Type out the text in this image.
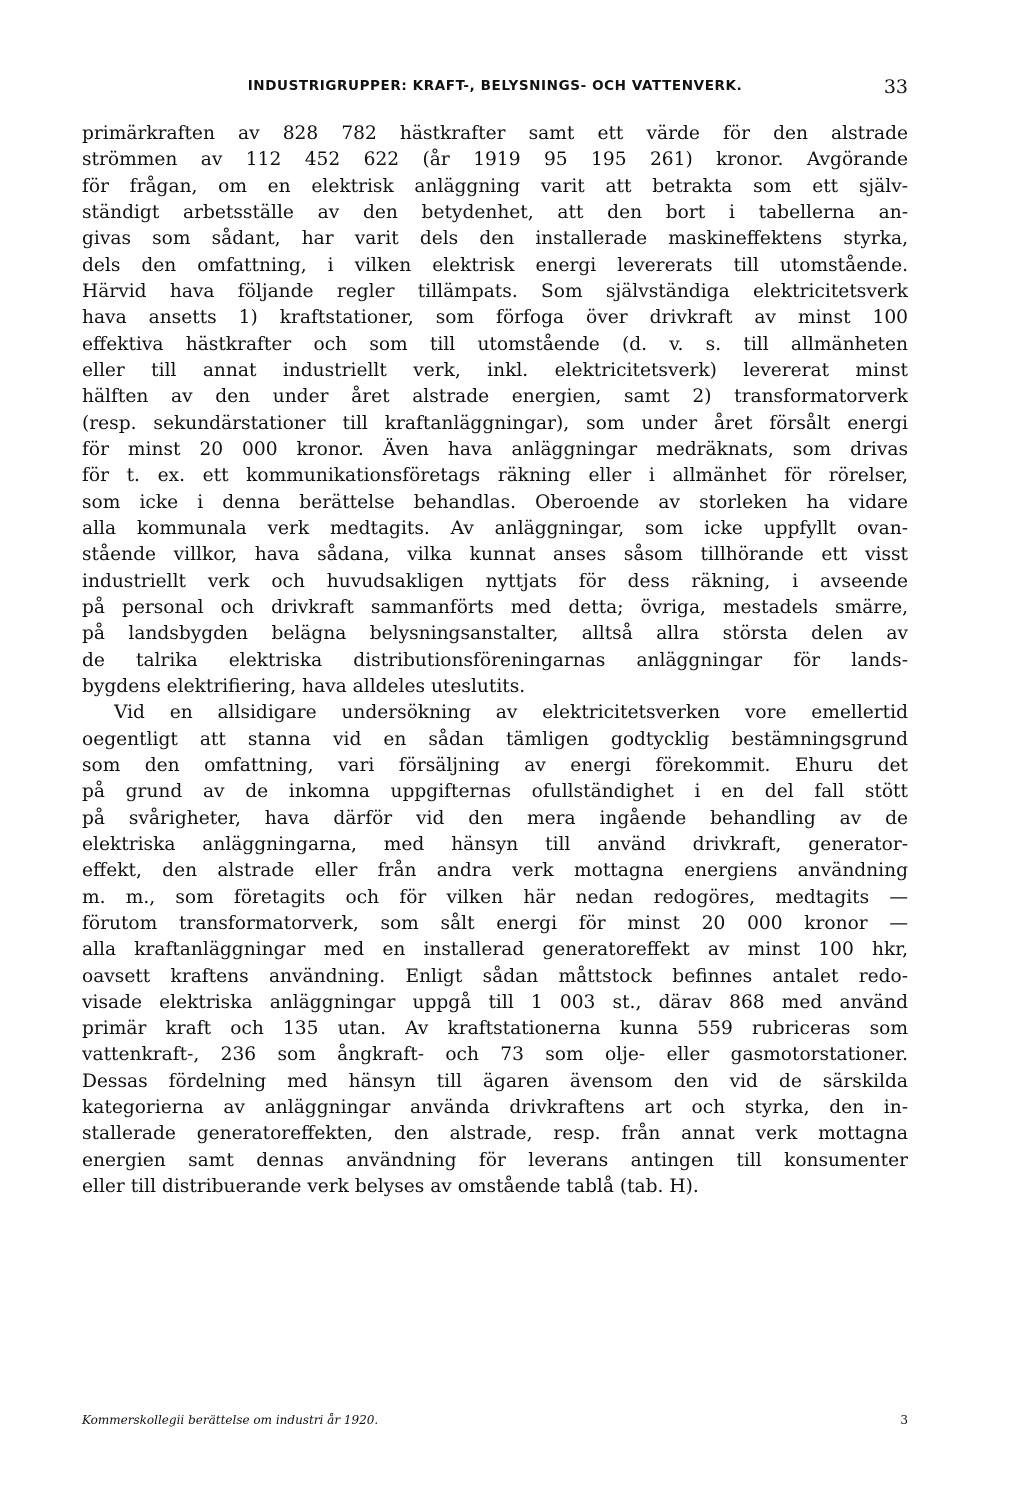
INDUSTRIGRUPPER: KRAFT-, BELYSNINGS- OCH VATTENVERK.	33
primärkraften av 828 782 hästkrafter samt ett värde för den alstrade
strömmen av 112 452 622 (år 1919 95 195 261) kronor. Avgörande
för frågan, om en elektrisk anläggning varit att betrakta som ett själv-
ständigt arbetsställe av den betydenhet, att den bort i tabellerna an-
givas som sådant, har varit dels den installerade maskineffektens styrka,
dels den omfattning, i vilken elektrisk energi levererats till utomstående.
Härvid hava följande regler tillämpats. Som självständiga elektricitetsverk
hava ansetts 1) kraftstationer, som förfoga över drivkraft av minst 100
effektiva hästkrafter och som till utomstående (d. v. s. till allmänheten
eller till annat industriellt verk, inkl. elektricitetsverk) levererat minst
hälften av den under året alstrade energien, samt 2) transformatorverk
(resp. sekundärstationer till kraftanläggningar), som under året försålt energi
för minst 20 000 kronor. Även hava anläggningar medräknats, som drivas
för t. ex. ett kommunikationsföretags räkning eller i allmänhet för rörelser,
som icke i denna berättelse behandlas. Oberoende av storleken ha vidare
alla kommunala verk medtagits. Av anläggningar, som icke uppfyllt ovan-
stående villkor, hava sådana, vilka kunnat anses såsom tillhörande ett visst
industriellt verk och huvudsakligen nyttjats för dess räkning, i avseende
på personal och drivkraft sammanförts med detta; övriga, mestadels smärre,
på landsbygden belägna belysningsanstalter, alltså allra största delen av
de talrika elektriska distributionsföreningarnas anläggningar för lands-
bygdens elektrifiering, hava alldeles uteslutits.
Vid en allsidigare undersökning av elektricitetsverken vore emellertid
oegentligt att stanna vid en sådan tämligen godtycklig bestämningsgrund
som den omfattning, vari försäljning av energi förekommit. Ehuru det
på grund av de inkomna uppgifternas ofullständighet i en del fall stött
på svårigheter, hava därför vid den mera ingående behandling av de
elektriska anläggningarna, med hänsyn till använd drivkraft, generator-
effekt, den alstrade eller från andra verk mottagna energiens användning
m. m., som företagits och för vilken här nedan redogöres, medtagits —
förutom transformatorverk, som sålt energi för minst 20 000 kronor —
alla kraftanläggningar med en installerad generatoreffekt av minst 100 hkr,
oavsett kraftens användning. Enligt sådan måttstock befinnes antalet redo-
visade elektriska anläggningar uppgå till 1 003 st., därav 868 med använd
primär kraft och 135 utan. Av kraftstationerna kunna 559 rubriceras som
vattenkraft-, 236 som ångkraft- och 73 som olje- eller gasmotorstationer.
Dessas fördelning med hänsyn till ägaren ävensom den vid de särskilda
kategorierna av anläggningar använda drivkraftens art och styrka, den in-
stallerade generatoreffekten, den alstrade, resp. från annat verk mottagna
energien samt dennas användning för leverans antingen till konsumenter
eller till distribuerande verk belyses av omstående tablå (tab. H).
Kommerskollegii berättelse om industri år 1920.	3
